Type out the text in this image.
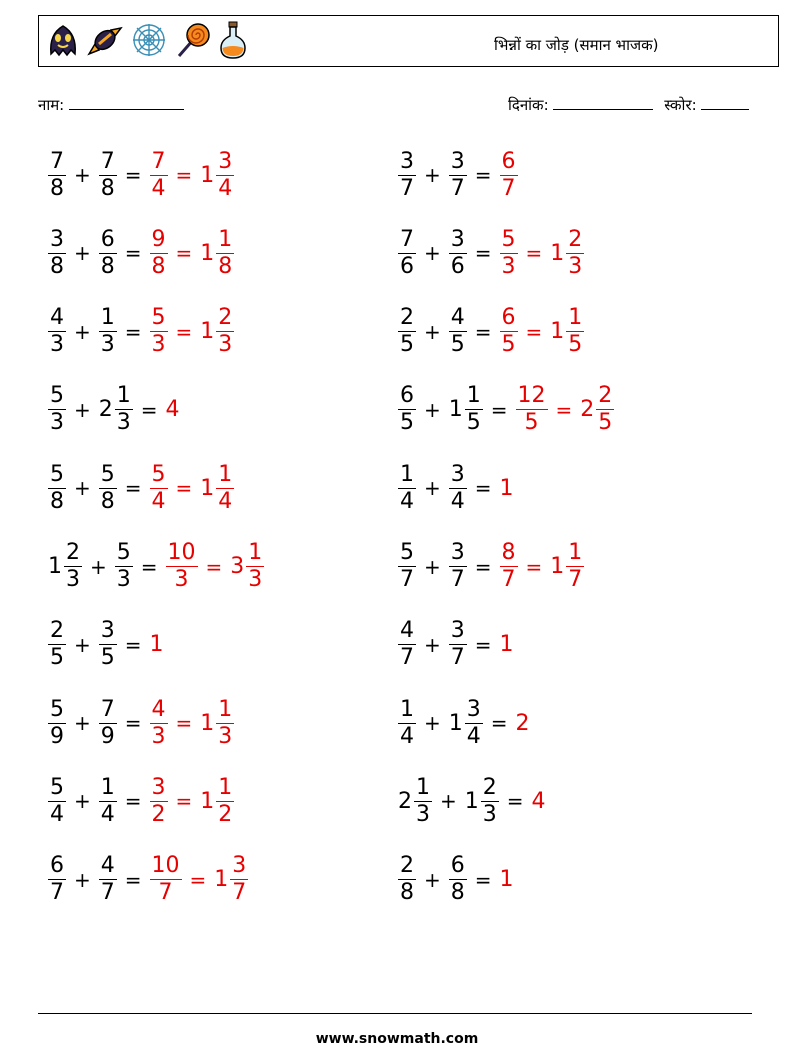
भिन्नों का जोड़ (समान भाजक)
नाम:	दिनांक:	स्कोर:
$\frac{7}{8} + \frac{7}{8} = \frac{7}{4} = 1 \frac{3}{4}$	$\frac{3}{7} + \frac{3}{7} = \frac{6}{7}$
$\frac{3}{8} + \frac{6}{8} = \frac{9}{8} = 1 \frac{1}{8}$	$\frac{7}{6} + \frac{3}{6} = \frac{5}{3} = 1 \frac{2}{3}$
$\frac{4}{3} + \frac{1}{3} = \frac{5}{3} = 1 \frac{2}{3}$	$\frac{2}{5} + \frac{4}{5} = \frac{6}{5} = 1 \frac{1}{5}$
$\frac{5}{3} + 2 \frac{1}{3} = 4$	$\frac{6}{5} + 1 \frac{1}{5} = \frac{12}{5} = 2 \frac{2}{5}$
$\frac{5}{8} + \frac{5}{8} = \frac{5}{4} = 1 \frac{1}{4}$	$\frac{1}{4} + \frac{3}{4} = 1$
$1 \frac{2}{3} + \frac{5}{3} = \frac{10}{3} = 3 \frac{1}{3}$	$\frac{5}{7} + \frac{3}{7} = \frac{8}{7} = 1 \frac{1}{7}$
$\frac{2}{5} + \frac{3}{5} = 1$	$\frac{4}{7} + \frac{3}{7} = 1$
$\frac{5}{9} + \frac{7}{9} = \frac{4}{3} = 1 \frac{1}{3}$	$\frac{1}{4} + 1 \frac{3}{4} = 2$
$\frac{5}{4} + \frac{1}{4} = \frac{3}{2} = 1 \frac{1}{2}$	$2 \frac{1}{3} + 1 \frac{2}{3} = 4$
$\frac{6}{7} + \frac{4}{7} = \frac{10}{7} = 1 \frac{3}{7}$	$\frac{2}{8} + \frac{6}{8} = 1$
www.snowmath.com
